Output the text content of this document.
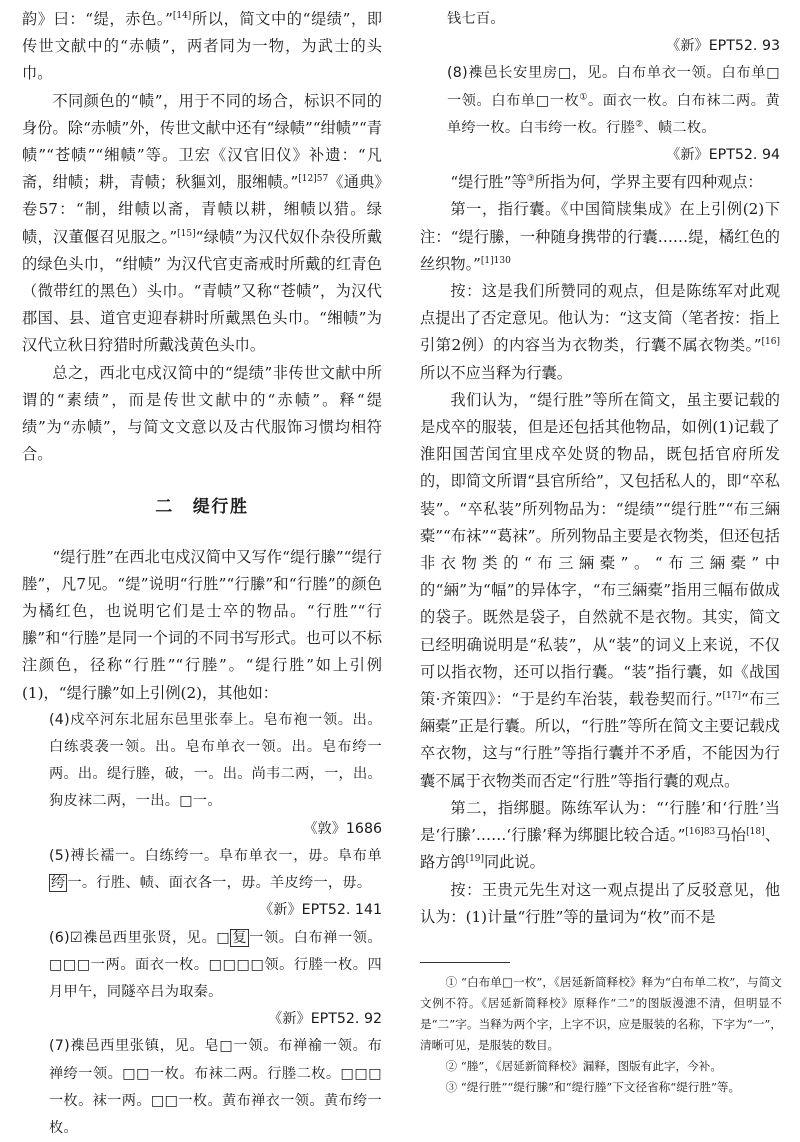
韵》曰：“缇，赤色。”[14]所以，简文中的“缇绩”，即传世文献中的“赤帻”，两者同为一物，为武士的头巾。

不同颜色的“帻”，用于不同的场合，标识不同的身份。除“赤帻”外，传世文献中还有“绿帻”“绀帻”“青帻”“苍帻”“缃帻”等。卫宏《汉官旧仪》补遗：“凡斋，绀帻；耕，青帻；秋貙刘，服缃帻。”$^{[12]57}$《通典》卷57：“制，绀帻以斋，青帻以耕，缃帻以猎。绿帻，汉董偃召见服之。”[15]“绿帻”为汉代奴仆杂役所戴的绿色头巾，“绀帻” 为汉代官吏斋戒时所戴的红青色（微带红的黑色）头巾。“青帻”又称“苍帻”，为汉代郡国、县、道官吏迎春耕时所戴黑色头巾。“缃帻”为汉代立秋日狩猎时所戴浅黄色头巾。

总之，西北屯戍汉简中的“缇绩”非传世文献中所谓的“素绩”，而是传世文献中的“赤帻”。释“缇绩”为“赤帻”，与简文文意以及古代服饰习惯均相符合。

二　缇行胜

“缇行胜”在西北屯戍汉简中又写作“缇行縢”“缇行塍”，凡7见。“缇”说明“行胜”“行縢”和“行塍”的颜色为橘红色，也说明它们是士卒的物品。“行胜”“行縢”和“行塍”是同一个词的不同书写形式。也可以不标注颜色，径称“行胜”“行塍”。“缇行胜”如上引例(1)，“缇行縢”如上引例(2)，其他如：

(4)戍卒河东北屈东邑里张奉上。皂布袍一领。出。白练裘袭一领。出。皂布单衣一领。出。皂布绔一两。出。缇行塍，破，一。出。尚韦二两，一，出。狗皮袜二两，一出。□一。

《敦》1686

(5)禣长襦一。白练绔一。阜布单衣一，毋。阜布单绔 一。行胜、帻、面衣各一，毋。羊皮绔一，毋。

《新》EPT52. 141

(6)☑襍邑西里张贤，见。□ 复 一领。白布禅一领。□□□一两。面衣一枚。□□□□领。行塍一枚。四月甲午，同隧卒吕为取秦。

《新》EPT52. 92

(7)襍邑西里张镇，见。皂□一领。布禅褕一领。布禅绔一领。□□一枚。布袜二两。行塍二枚。□□□一枚。袜一两。□□一枚。黄布禅衣一领。黄布绔一枚。

钱七百。

《新》EPT52. 93

(8)襍邑长安里房□，见。白布单衣一领。白布单□一领。白布单□一枚①。面衣一枚。白布袜二两。黄单绔一枚。白韦绔一枚。行塍②、帻二枚。

《新》EPT52. 94

“缇行胜”等③所指为何，学界主要有四种观点：

第一，指行囊。《中国简牍集成》在上引例(2)下注：“缇行縢，一种随身携带的行囊……缇，橘红色的丝织物。”$^{[1]130}$

按：这是我们所赞同的观点，但是陈练军对此观点提出了否定意见。他认为：“这支简（笔者按：指上引第2例）的内容当为衣物类，行囊不属衣物类。”[16]所以不应当释为行囊。

我们认为，“缇行胜”等所在简文，虽主要记载的是戍卒的服装，但是还包括其他物品，如例(1)记载了淮阳国苦闰宜里戍卒处贤的物品，既包括官府所发的，即简文所谓“县官所给”，又包括私人的，即“卒私装”。“卒私装”所列物品为：“缇绩”“缇行胜”“布三緉橐”“布袜”“葛袜”。所列物品主要是衣物类，但还包括非衣物类的“布三緉橐”。“布三緉橐”中的“緉”为“幅”的异体字，“布三緉橐”指用三幅布做成的袋子。既然是袋子，自然就不是衣物。其实，简文已经明确说明是“私装”，从“装”的词义上来说，不仅可以指衣物，还可以指行囊。“装”指行囊，如《战国策·齐策四》：“于是约车治装，载卷契而行。”[17]“布三緉橐”正是行囊。所以，“行胜”等所在简文主要记载戍卒衣物，这与“行胜”等指行囊并不矛盾，不能因为行囊不属于衣物类而否定“行胜”等指行囊的观点。

第二，指绑腿。陈练军认为：“‘行塍’和‘行胜’当是‘行縢’……‘行縢’释为绑腿比较合适。”$^{[16]83}$马怡[18]、路方鸽[19]同此说。

按：王贵元先生对这一观点提出了反驳意见，他认为：(1)计量“行胜”等的量词为“枚”而不是

① “白布单□一枚”，《居延新简释校》释为“白布单二枚”，与简文文例不符。《居延新简释校》原释作“二”的图版漫漶不清，但明显不是“二”字。当释为两个字，上字不识，应是服装的名称，下字为“一”，清晰可见，是服装的数目。

② “塍”，《居延新简释校》漏释，图版有此字，今补。

③ “缇行胜”“缇行縢”和“缇行塍”下文径省称“缇行胜”等。
